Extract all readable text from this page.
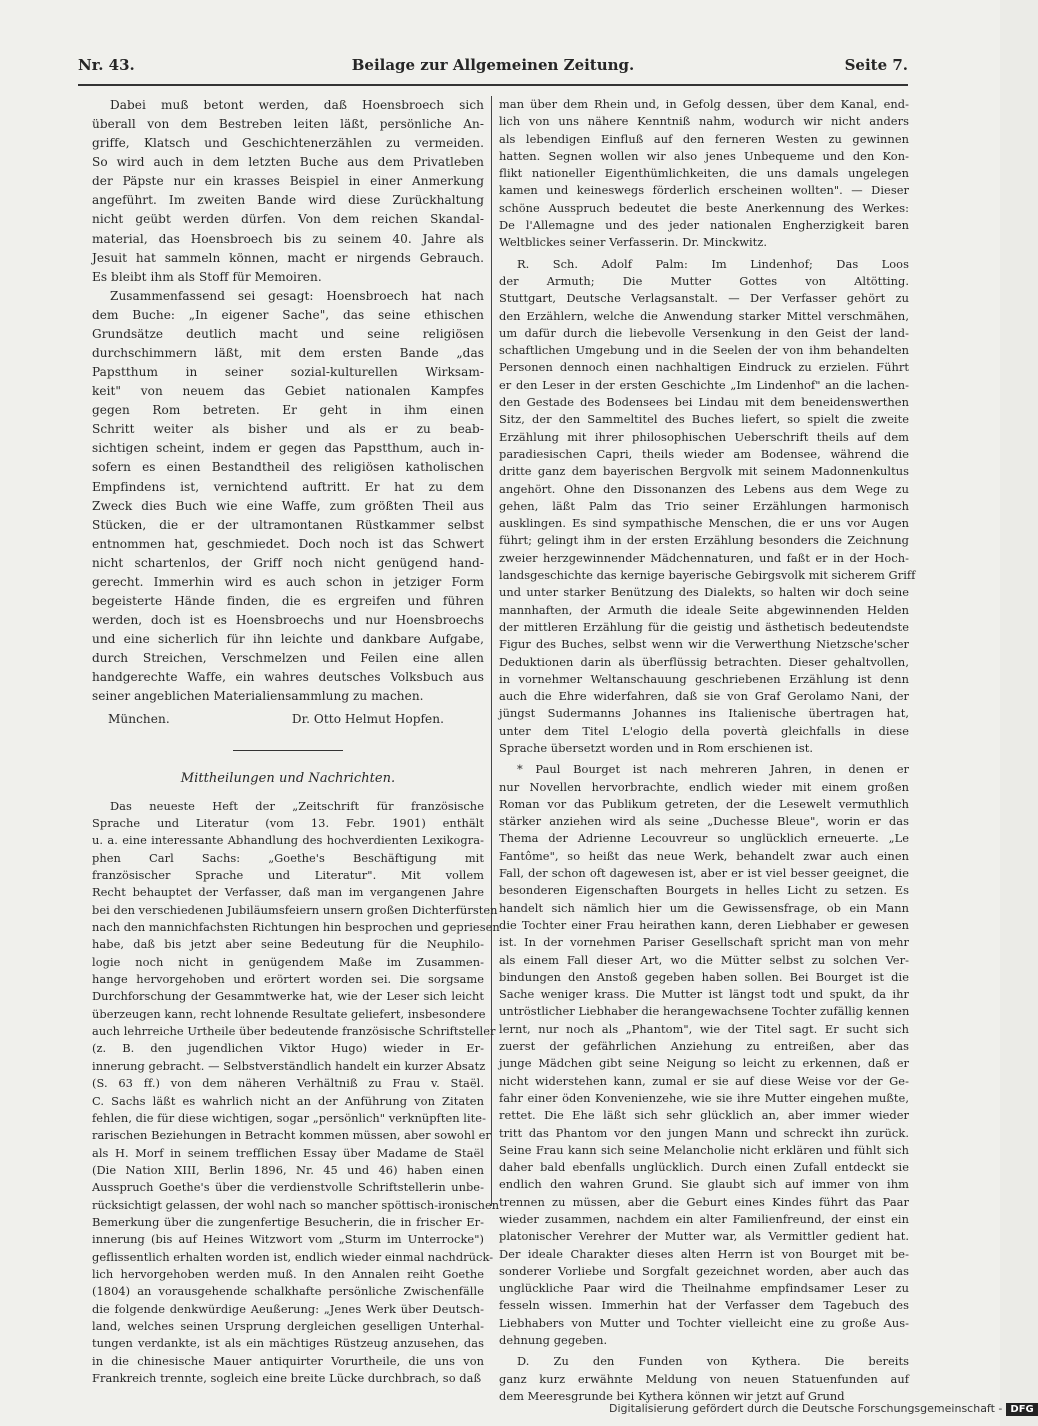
Nr. 43.	Beilage zur Allgemeinen Zeitung.	Seite 7.

Dabei muß betont werden, daß Hoensbroech sich
überall von dem Bestreben leiten läßt, persönliche An-
griffe, Klatsch und Geschichtenerzählen zu vermeiden.
So wird auch in dem letzten Buche aus dem Privatleben
der Päpste nur ein krasses Beispiel in einer Anmerkung
angeführt. Im zweiten Bande wird diese Zurückhaltung
nicht geübt werden dürfen. Von dem reichen Skandal-
material, das Hoensbroech bis zu seinem 40. Jahre als
Jesuit hat sammeln können, macht er nirgends Gebrauch.
Es bleibt ihm als Stoff für Memoiren.

Zusammenfassend sei gesagt: Hoensbroech hat nach
dem Buche: „In eigener Sache", das seine ethischen
Grundsätze deutlich macht und seine religiösen
durchschimmern läßt, mit dem ersten Bande „das
Papstthum in seiner sozial-kulturellen Wirksam-
keit" von neuem das Gebiet nationalen Kampfes
gegen Rom betreten. Er geht in ihm einen
Schritt weiter als bisher und als er zu beab-
sichtigen scheint, indem er gegen das Papstthum, auch in-
sofern es einen Bestandtheil des religiösen katholischen
Empfindens ist, vernichtend auftritt. Er hat zu dem
Zweck dies Buch wie eine Waffe, zum größten Theil aus
Stücken, die er der ultramontanen Rüstkammer selbst
entnommen hat, geschmiedet. Doch noch ist das Schwert
nicht schartenlos, der Griff noch nicht genügend hand-
gerecht. Immerhin wird es auch schon in jetziger Form
begeisterte Hände finden, die es ergreifen und führen
werden, doch ist es Hoensbroechs und nur Hoensbroechs
und eine sicherlich für ihn leichte und dankbare Aufgabe,
durch Streichen, Verschmelzen und Feilen eine allen
handgerechte Waffe, ein wahres deutsches Volksbuch aus
seiner angeblichen Materialiensammlung zu machen.

München.	Dr. Otto Helmut Hopfen.
Mittheilungen und Nachrichten.

Das neueste Heft der „Zeitschrift für französische
Sprache und Literatur (vom 13. Febr. 1901) enthält
u. a. eine interessante Abhandlung des hochverdienten Lexikogra-
phen Carl Sachs: „Goethe's Beschäftigung mit
französischer Sprache und Literatur". Mit vollem
Recht behauptet der Verfasser, daß man im vergangenen Jahre
bei den verschiedenen Jubiläumsfeiern unsern großen Dichterfürsten
nach den mannichfachsten Richtungen hin besprochen und gepriesen
habe, daß bis jetzt aber seine Bedeutung für die Neuphilo-
logie noch nicht in genügendem Maße im Zusammen-
hange hervorgehoben und erörtert worden sei. Die sorgsame
Durchforschung der Gesammtwerke hat, wie der Leser sich leicht
überzeugen kann, recht lohnende Resultate geliefert, insbesondere
auch lehrreiche Urtheile über bedeutende französische Schriftsteller
(z. B. den jugendlichen Viktor Hugo) wieder in Er-
innerung gebracht. — Selbstverständlich handelt ein kurzer Absatz
(S. 63 ff.) von dem näheren Verhältniß zu Frau v. Staël.
C. Sachs läßt es wahrlich nicht an der Anführung von Zitaten
fehlen, die für diese wichtigen, sogar „persönlich" verknüpften lite-
rarischen Beziehungen in Betracht kommen müssen, aber sowohl er
als H. Morf in seinem trefflichen Essay über Madame de Staël
(Die Nation XIII, Berlin 1896, Nr. 45 und 46) haben einen
Ausspruch Goethe's über die verdienstvolle Schriftstellerin unbe-
rücksichtigt gelassen, der wohl nach so mancher spöttisch-ironischen
Bemerkung über die zungenfertige Besucherin, die in frischer Er-
innerung (bis auf Heines Witzwort vom „Sturm im Unterrocke")
geflissentlich erhalten worden ist, endlich wieder einmal nachdrück-
lich hervorgehoben werden muß. In den Annalen reiht Goethe
(1804) an vorausgehende schalkhafte persönliche Zwischenfälle
die folgende denkwürdige Aeußerung: „Jenes Werk über Deutsch-
land, welches seinen Ursprung dergleichen geselligen Unterhal-
tungen verdankte, ist als ein mächtiges Rüstzeug anzusehen, das
in die chinesische Mauer antiquirter Vorurtheile, die uns von
Frankreich trennte, sogleich eine breite Lücke durchbrach, so daß

man über dem Rhein und, in Gefolg dessen, über dem Kanal, end-
lich von uns nähere Kenntniß nahm, wodurch wir nicht anders
als lebendigen Einfluß auf den ferneren Westen zu gewinnen
hatten. Segnen wollen wir also jenes Unbequeme und den Kon-
flikt nationeller Eigenthümlichkeiten, die uns damals ungelegen
kamen und keineswegs förderlich erscheinen wollten". — Dieser
schöne Ausspruch bedeutet die beste Anerkennung des Werkes:
De l'Allemagne und des jeder nationalen Engherzigkeit baren
Weltblickes seiner Verfasserin. Dr. Minckwitz.

R. Sch. Adolf Palm: Im Lindenhof; Das Loos
der Armuth; Die Mutter Gottes von Altötting.
Stuttgart, Deutsche Verlagsanstalt. — Der Verfasser gehört zu
den Erzählern, welche die Anwendung starker Mittel verschmähen,
um dafür durch die liebevolle Versenkung in den Geist der land-
schaftlichen Umgebung und in die Seelen der von ihm behandelten
Personen dennoch einen nachhaltigen Eindruck zu erzielen. Führt
er den Leser in der ersten Geschichte „Im Lindenhof" an die lachen-
den Gestade des Bodensees bei Lindau mit dem beneidenswerthen
Sitz, der den Sammeltitel des Buches liefert, so spielt die zweite
Erzählung mit ihrer philosophischen Ueberschrift theils auf dem
paradiesischen Capri, theils wieder am Bodensee, während die
dritte ganz dem bayerischen Bergvolk mit seinem Madonnenkultus
angehört. Ohne den Dissonanzen des Lebens aus dem Wege zu
gehen, läßt Palm das Trio seiner Erzählungen harmonisch
ausklingen. Es sind sympathische Menschen, die er uns vor Augen
führt; gelingt ihm in der ersten Erzählung besonders die Zeichnung
zweier herzgewinnender Mädchennaturen, und faßt er in der Hoch-
landsgeschichte das kernige bayerische Gebirgsvolk mit sicherem Griff
und unter starker Benützung des Dialekts, so halten wir doch seine
mannhaften, der Armuth die ideale Seite abgewinnenden Helden
der mittleren Erzählung für die geistig und ästhetisch bedeutendste
Figur des Buches, selbst wenn wir die Verwerthung Nietzsche'scher
Deduktionen darin als überflüssig betrachten. Dieser gehaltvollen,
in vornehmer Weltanschauung geschriebenen Erzählung ist denn
auch die Ehre widerfahren, daß sie von Graf Gerolamo Nani, der
jüngst Sudermanns Johannes ins Italienische übertragen hat,
unter dem Titel L'elogio della povertà gleichfalls in diese
Sprache übersetzt worden und in Rom erschienen ist.

* Paul Bourget ist nach mehreren Jahren, in denen er
nur Novellen hervorbrachte, endlich wieder mit einem großen
Roman vor das Publikum getreten, der die Lesewelt vermuthlich
stärker anziehen wird als seine „Duchesse Bleue", worin er das
Thema der Adrienne Lecouvreur so unglücklich erneuerte. „Le
Fantôme", so heißt das neue Werk, behandelt zwar auch einen
Fall, der schon oft dagewesen ist, aber er ist viel besser geeignet, die
besonderen Eigenschaften Bourgets in helles Licht zu setzen. Es
handelt sich nämlich hier um die Gewissensfrage, ob ein Mann
die Tochter einer Frau heirathen kann, deren Liebhaber er gewesen
ist. In der vornehmen Pariser Gesellschaft spricht man von mehr
als einem Fall dieser Art, wo die Mütter selbst zu solchen Ver-
bindungen den Anstoß gegeben haben sollen. Bei Bourget ist die
Sache weniger krass. Die Mutter ist längst todt und spukt, da ihr
untröstlicher Liebhaber die herangewachsene Tochter zufällig kennen
lernt, nur noch als „Phantom", wie der Titel sagt. Er sucht sich
zuerst der gefährlichen Anziehung zu entreißen, aber das
junge Mädchen gibt seine Neigung so leicht zu erkennen, daß er
nicht widerstehen kann, zumal er sie auf diese Weise vor der Ge-
fahr einer öden Konvenienzehe, wie sie ihre Mutter eingehen mußte,
rettet. Die Ehe läßt sich sehr glücklich an, aber immer wieder
tritt das Phantom vor den jungen Mann und schreckt ihn zurück.
Seine Frau kann sich seine Melancholie nicht erklären und fühlt sich
daher bald ebenfalls unglücklich. Durch einen Zufall entdeckt sie
endlich den wahren Grund. Sie glaubt sich auf immer von ihm
trennen zu müssen, aber die Geburt eines Kindes führt das Paar
wieder zusammen, nachdem ein alter Familienfreund, der einst ein
platonischer Verehrer der Mutter war, als Vermittler gedient hat.
Der ideale Charakter dieses alten Herrn ist von Bourget mit be-
sonderer Vorliebe und Sorgfalt gezeichnet worden, aber auch das
unglückliche Paar wird die Theilnahme empfindsamer Leser zu
fesseln wissen. Immerhin hat der Verfasser dem Tagebuch des
Liebhabers von Mutter und Tochter vielleicht eine zu große Aus-
dehnung gegeben.

D. Zu den Funden von Kythera. Die bereits
ganz kurz erwähnte Meldung von neuen Statuenfunden auf
dem Meeresgrunde bei Kythera können wir jetzt auf Grund

Digitalisierung gefördert durch die Deutsche Forschungsgemeinschaft - DFG
